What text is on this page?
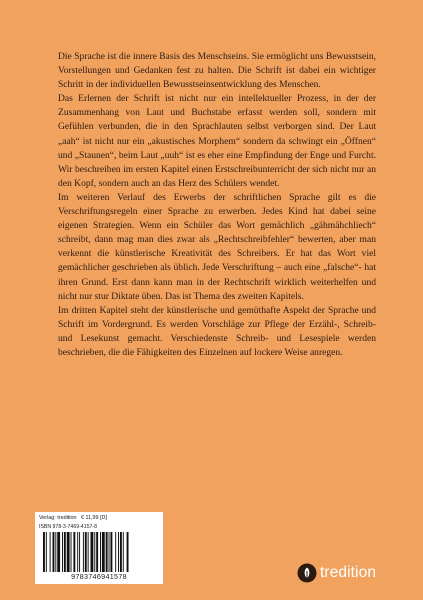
Die Sprache ist die innere Basis des Menschseins. Sie ermöglicht uns Bewusstsein, Vorstellungen und Gedanken fest zu halten. Die Schrift ist dabei ein wichtiger Schritt in der individuellen Bewusstseinsentwicklung des Menschen.

Das Erlernen der Schrift ist nicht nur ein intellektueller Prozess, in der der Zusammenhang von Laut und Buchstabe erfasst werden soll, sondern mit Gefühlen verbunden, die in den Sprachlauten selbst verborgen sind. Der Laut „aah“ ist nicht nur ein „akustisches Morphem“ sondern da schwingt ein „Öffnen“ und „Staunen“, beim Laut „uuh“ ist es eher eine Empfindung der Enge und Furcht. Wir beschreiben im ersten Kapitel einen Erstschreibunterricht der sich nicht nur an den Kopf, sondern auch an das Herz des Schülers wendet.

Im weiteren Verlauf des Erwerbs der schriftlichen Sprache gilt es die Verschriftungsregeln einer Sprache zu erwerben. Jedes Kind hat dabei seine eigenen Strategien. Wenn ein Schüler das Wort gemächlich „gähmähchliech“ schreibt, dann mag man dies zwar als „Rechtschreibfehler“ bewerten, aber man verkennt die künstlerische Kreativität des Schreibers. Er hat das Wort viel gemächlicher geschrieben als üblich. Jede Verschriftung – auch eine „falsche“- hat ihren Grund. Erst dann kann man in der Rechtschrift wirklich weiterhelfen und nicht nur stur Diktate üben. Das ist Thema des zweiten Kapitels.

Im dritten Kapitel steht der künstlerische und gemüthafte Aspekt der Sprache und Schrift im Vordergrund. Es werden Vorschläge zur Pflege der Erzähl-, Schreib- und Lesekunst gemacht. Verschiedenste Schreib- und Lesespiele werden beschrieben, die die Fähigkeiten des Einzelnen auf lockere Weise anregen.

Verlag: tredition € 11,99 [D]
ISBN 978-3-7469-4157-8
9783746941578	tredition
